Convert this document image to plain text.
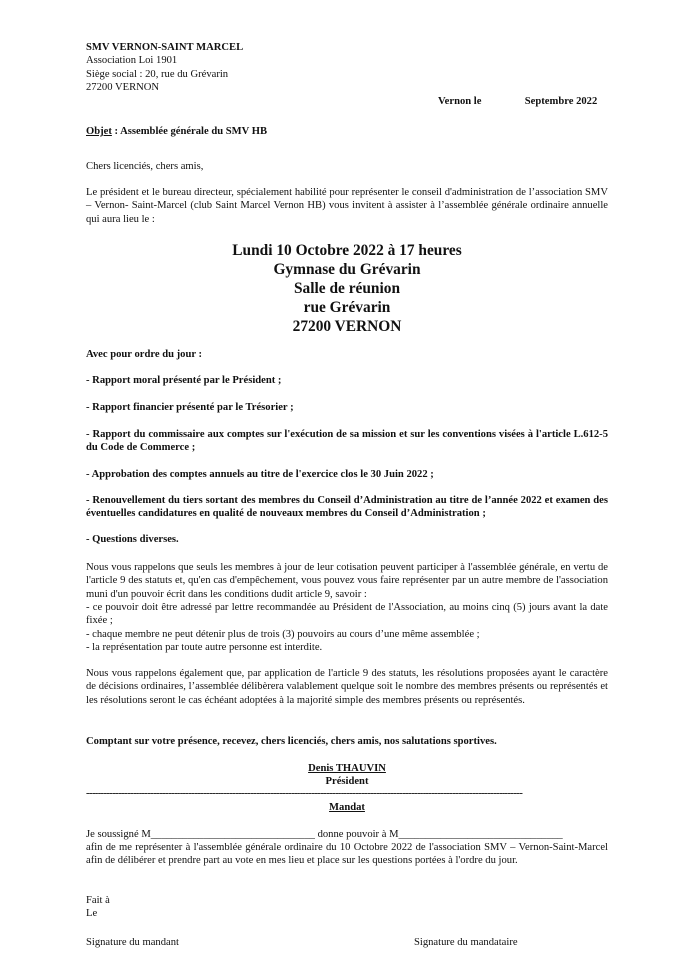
SMV VERNON-SAINT MARCEL
Association Loi 1901
Siège social : 20, rue du Grévarin
27200 VERNON
Vernon le	Septembre 2022
Objet : Assemblée générale du SMV HB
Chers licenciés, chers amis,
Le président et le bureau directeur, spécialement habilité pour représenter le conseil d'administration de l’association SMV – Vernon- Saint-Marcel (club Saint Marcel Vernon HB) vous invitent à assister à l’assemblée générale ordinaire annuelle qui aura lieu le :
Lundi 10 Octobre 2022 à 17 heures
Gymnase du Grévarin
Salle de réunion
rue Grévarin
27200 VERNON
Avec pour ordre du jour :
- Rapport moral présenté par le Président ;
- Rapport financier présenté par le Trésorier ;
- Rapport du commissaire aux comptes sur l'exécution de sa mission et sur les conventions visées à l'article L.612-5 du Code de Commerce ;
- Approbation des comptes annuels au titre de l'exercice clos le 30 Juin 2022 ;
- Renouvellement du tiers sortant des membres du Conseil d’Administration au titre de l’année 2022 et examen des éventuelles candidatures en qualité de nouveaux membres du Conseil d’Administration ;
- Questions diverses.
Nous vous rappelons que seuls les membres à jour de leur cotisation peuvent participer à l'assemblée générale, en vertu de l'article 9 des statuts et, qu'en cas d'empêchement, vous pouvez vous faire représenter par un autre membre de l'association muni d'un pouvoir écrit dans les conditions dudit article 9, savoir :
- ce pouvoir doit être adressé par lettre recommandée au Président de l'Association, au moins cinq (5) jours avant la date fixée ;
- chaque membre ne peut détenir plus de trois (3) pouvoirs au cours d’une même assemblée ;
- la représentation par toute autre personne est interdite.
Nous vous rappelons également que, par application de l'article 9 des statuts, les résolutions proposées ayant le caractère de décisions ordinaires, l’assemblée délibèrera valablement quelque soit le nombre des membres présents ou représentés et les résolutions seront le cas échéant adoptées à la majorité simple des membres présents ou représentés.
Comptant sur votre présence, recevez, chers licenciés, chers amis, nos salutations sportives.
Denis THAUVIN
Président
-----------------------------------------------------------------------------------------------------------------------------------------------------
Mandat
Je soussigné M_______________________________ donne pouvoir à M_______________________________
afin de me représenter à l'assemblée générale ordinaire du 10 Octobre 2022 de l'association SMV – Vernon-Saint-Marcel afin de délibérer et prendre part au vote en mes lieu et place sur les questions portées à l'ordre du jour.
Fait à
Le
Signature du mandant	Signature du mandataire
